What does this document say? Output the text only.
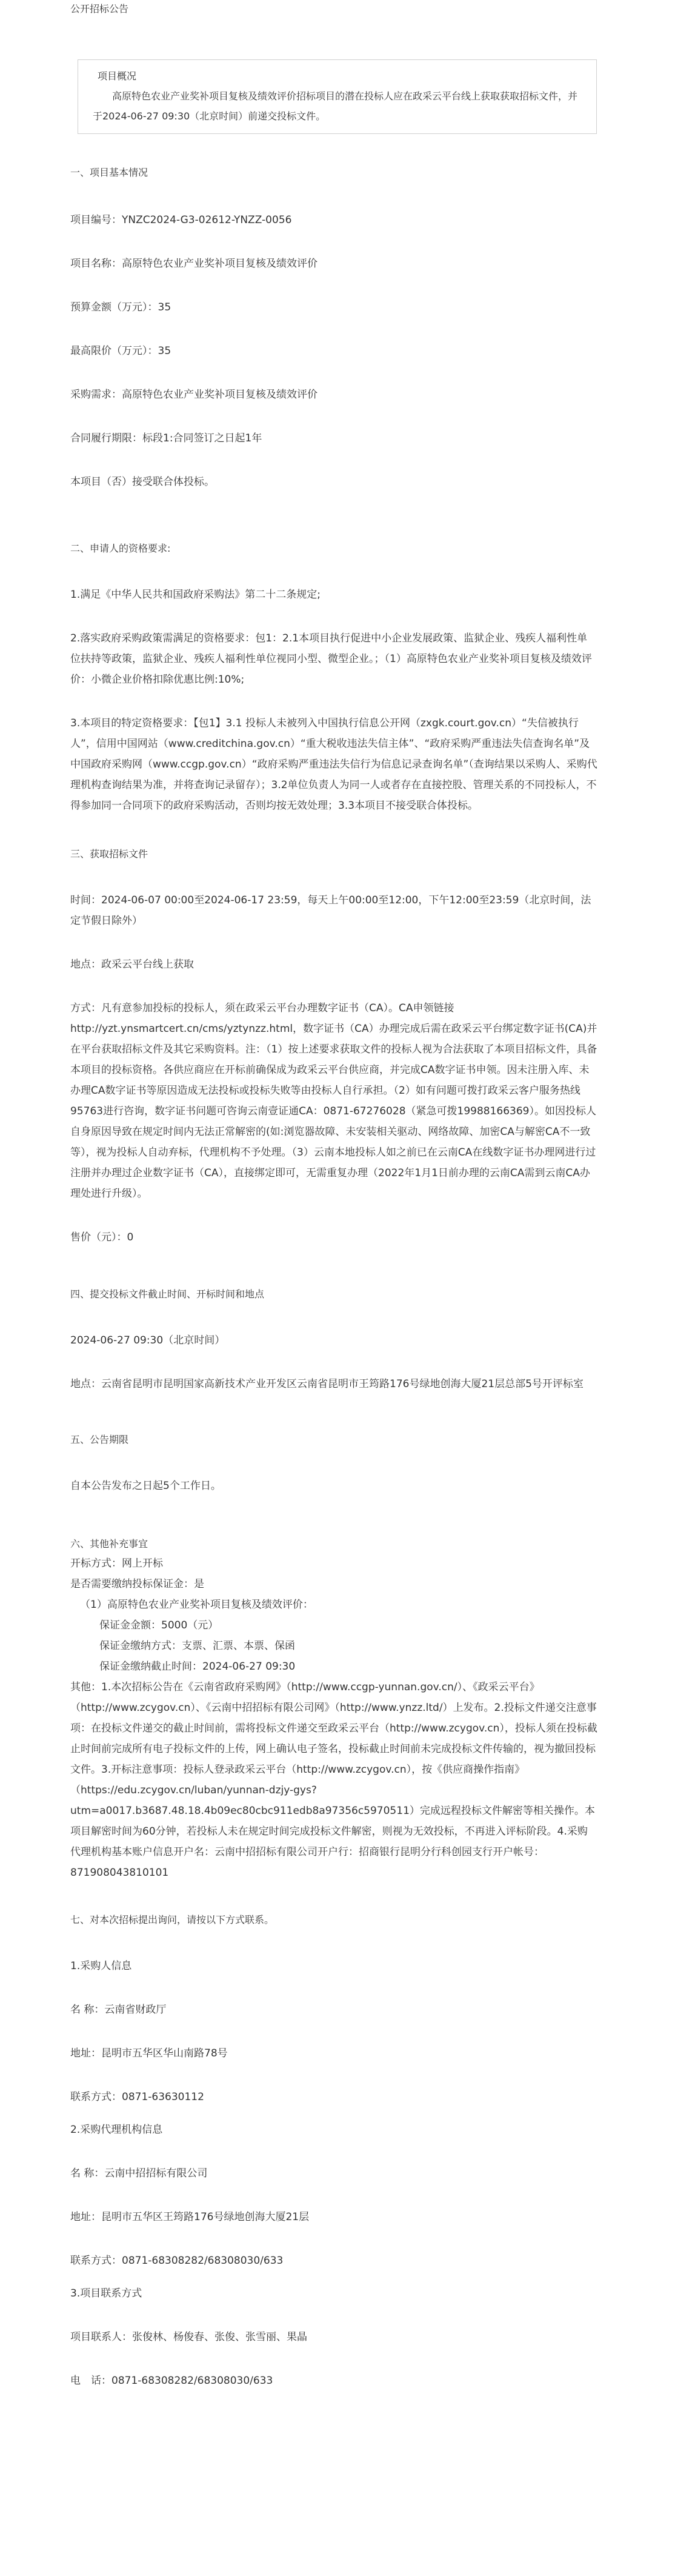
公开招标公告
项目概况
高原特色农业产业奖补项目复核及绩效评价招标项目的潜在投标人应在政采云平台线上获取获取招标文件，并于2024-06-27 09:30（北京时间）前递交投标文件。
一、项目基本情况
项目编号：YNZC2024-G3-02612-YNZZ-0056
项目名称：高原特色农业产业奖补项目复核及绩效评价
预算金额（万元）：35
最高限价（万元）：35
采购需求：高原特色农业产业奖补项目复核及绩效评价
合同履行期限：标段1:合同签订之日起1年
本项目（否）接受联合体投标。
二、申请人的资格要求:
1.满足《中华人民共和国政府采购法》第二十二条规定;
2.落实政府采购政策需满足的资格要求：包1：2.1本项目执行促进中小企业发展政策、监狱企业、残疾人福利性单位扶持等政策，监狱企业、残疾人福利性单位视同小型、微型企业。；（1）高原特色农业产业奖补项目复核及绩效评价：小微企业价格扣除优惠比例:10%;
3.本项目的特定资格要求：【包1】3.1 投标人未被列入中国执行信息公开网（zxgk.court.gov.cn）“失信被执行人”，信用中国网站（www.creditchina.gov.cn）“重大税收违法失信主体”、“政府采购严重违法失信查询名单”及中国政府采购网（www.ccgp.gov.cn）“政府采购严重违法失信行为信息记录查询名单”（查询结果以采购人、采购代理机构查询结果为准，并将查询记录留存）；3.2单位负责人为同一人或者存在直接控股、管理关系的不同投标人，不得参加同一合同项下的政府采购活动，否则均按无效处理；3.3本项目不接受联合体投标。
三、获取招标文件
时间：2024-06-07 00:00至2024-06-17 23:59，每天上午00:00至12:00，下午12:00至23:59（北京时间，法定节假日除外）
地点：政采云平台线上获取
方式：凡有意参加投标的投标人，须在政采云平台办理数字证书（CA）。CA申领链接http://yzt.ynsmartcert.cn/cms/yztynzz.html，数字证书（CA）办理完成后需在政采云平台绑定数字证书(CA)并在平台获取招标文件及其它采购资料。注：（1）按上述要求获取文件的投标人视为合法获取了本项目招标文件，具备本项目的投标资格。各供应商应在开标前确保成为政采云平台供应商，并完成CA数字证书申领。因未注册入库、未办理CA数字证书等原因造成无法投标或投标失败等由投标人自行承担。（2）如有问题可拨打政采云客户服务热线95763进行咨询，数字证书问题可咨询云南壹证通CA：0871-67276028（紧急可拨19988166369）。如因投标人自身原因导致在规定时间内无法正常解密的(如:浏览器故障、未安装相关驱动、网络故障、加密CA与解密CA不一致等），视为投标人自动弃标，代理机构不予处理。（3）云南本地投标人如之前已在云南CA在线数字证书办理网进行过注册并办理过企业数字证书（CA），直接绑定即可，无需重复办理（2022年1月1日前办理的云南CA需到云南CA办理处进行升级）。
售价（元）：0
四、提交投标文件截止时间、开标时间和地点
2024-06-27 09:30（北京时间）
地点：云南省昆明市昆明国家高新技术产业开发区云南省昆明市王筠路176号绿地创海大厦21层总部5号开评标室
五、公告期限
自本公告发布之日起5个工作日。
六、其他补充事宜
开标方式：网上开标
是否需要缴纳投标保证金：是
（1）高原特色农业产业奖补项目复核及绩效评价：
保证金金额：5000（元）
保证金缴纳方式：支票、汇票、本票、保函
保证金缴纳截止时间：2024-06-27 09:30
其他：1.本次招标公告在《云南省政府采购网》（http://www.ccgp-yunnan.gov.cn/）、《政采云平台》（http://www.zcygov.cn）、《云南中招招标有限公司网》（http://www.ynzz.ltd/）上发布。2.投标文件递交注意事项：在投标文件递交的截止时间前，需将投标文件递交至政采云平台（http://www.zcygov.cn），投标人须在投标截止时间前完成所有电子投标文件的上传，网上确认电子签名，投标截止时间前未完成投标文件传输的，视为撤回投标文件。3.开标注意事项：投标人登录政采云平台（http://www.zcygov.cn），按《供应商操作指南》（https://edu.zcygov.cn/luban/yunnan-dzjy-gys?utm=a0017.b3687.48.18.4b09ec80cbc911edb8a97356c5970511）完成远程投标文件解密等相关操作。本项目解密时间为60分钟，若投标人未在规定时间完成投标文件解密，则视为无效投标，不再进入评标阶段。4.采购代理机构基本账户信息开户名：云南中招招标有限公司开户行：招商银行昆明分行科创园支行开户帐号：871908043810101
七、对本次招标提出询问，请按以下方式联系。
1.采购人信息
名 称：云南省财政厅
地址：昆明市五华区华山南路78号
联系方式：0871-63630112
2.采购代理机构信息
名 称：云南中招招标有限公司
地址：昆明市五华区王筠路176号绿地创海大厦21层
联系方式：0871-68308282/68308030/633
3.项目联系方式
项目联系人：张俊林、杨俊春、张俊、张雪丽、果晶
电　话：0871-68308282/68308030/633
